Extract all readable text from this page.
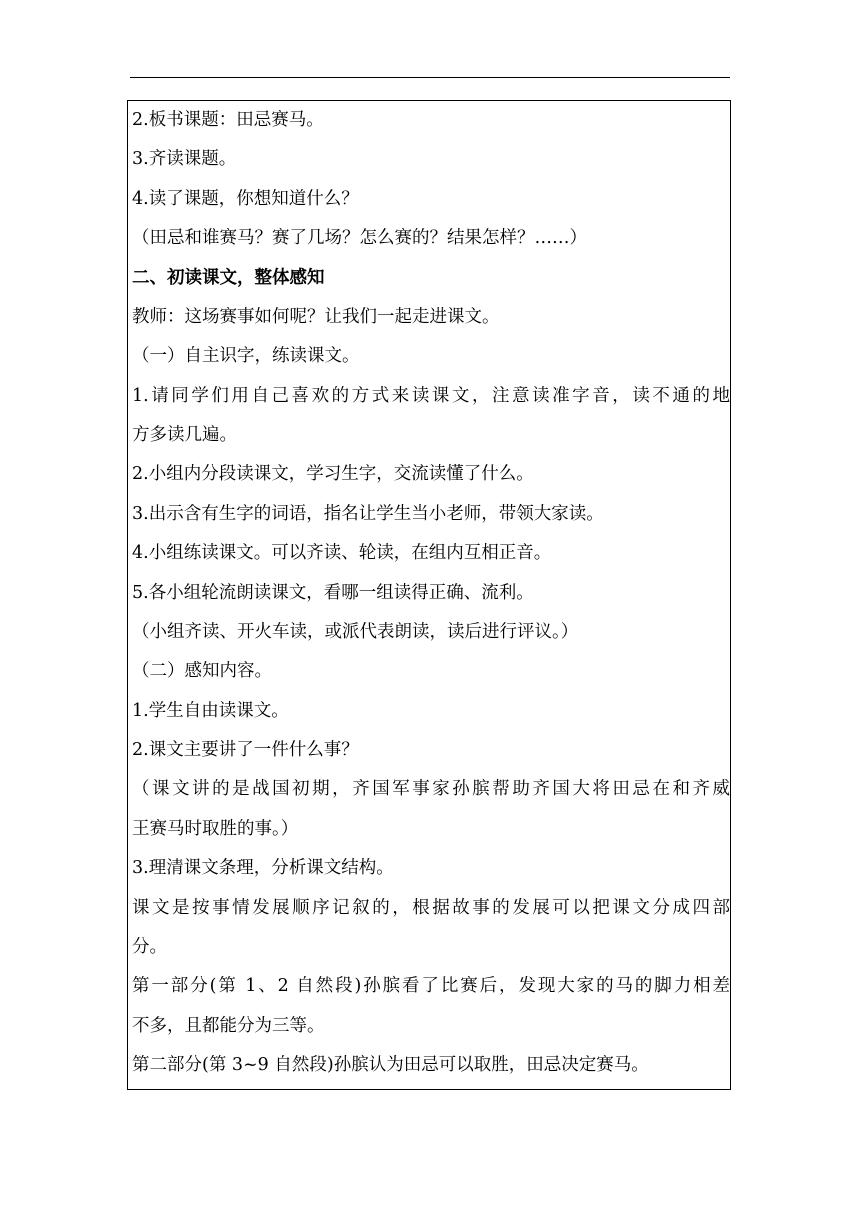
2.板书课题：田忌赛马。
3.齐读课题。
4.读了课题，你想知道什么？
（田忌和谁赛马？赛了几场？怎么赛的？结果怎样？……）
二、初读课文，整体感知
教师：这场赛事如何呢？让我们一起走进课文。
（一）自主识字，练读课文。
1.请同学们用自己喜欢的方式来读课文，注意读准字音，读不通的地
方多读几遍。
2.小组内分段读课文，学习生字，交流读懂了什么。
3.出示含有生字的词语，指名让学生当小老师，带领大家读。
4.小组练读课文。可以齐读、轮读，在组内互相正音。
5.各小组轮流朗读课文，看哪一组读得正确、流利。
（小组齐读、开火车读，或派代表朗读，读后进行评议。）
（二）感知内容。
1.学生自由读课文。
2.课文主要讲了一件什么事？
（课文讲的是战国初期，齐国军事家孙膑帮助齐国大将田忌在和齐威
王赛马时取胜的事。）
3.理清课文条理，分析课文结构。
课文是按事情发展顺序记叙的，根据故事的发展可以把课文分成四部
分。
第一部分(第 1、2 自然段)孙膑看了比赛后，发现大家的马的脚力相差
不多，且都能分为三等。
第二部分(第 3~9 自然段)孙膑认为田忌可以取胜，田忌决定赛马。
